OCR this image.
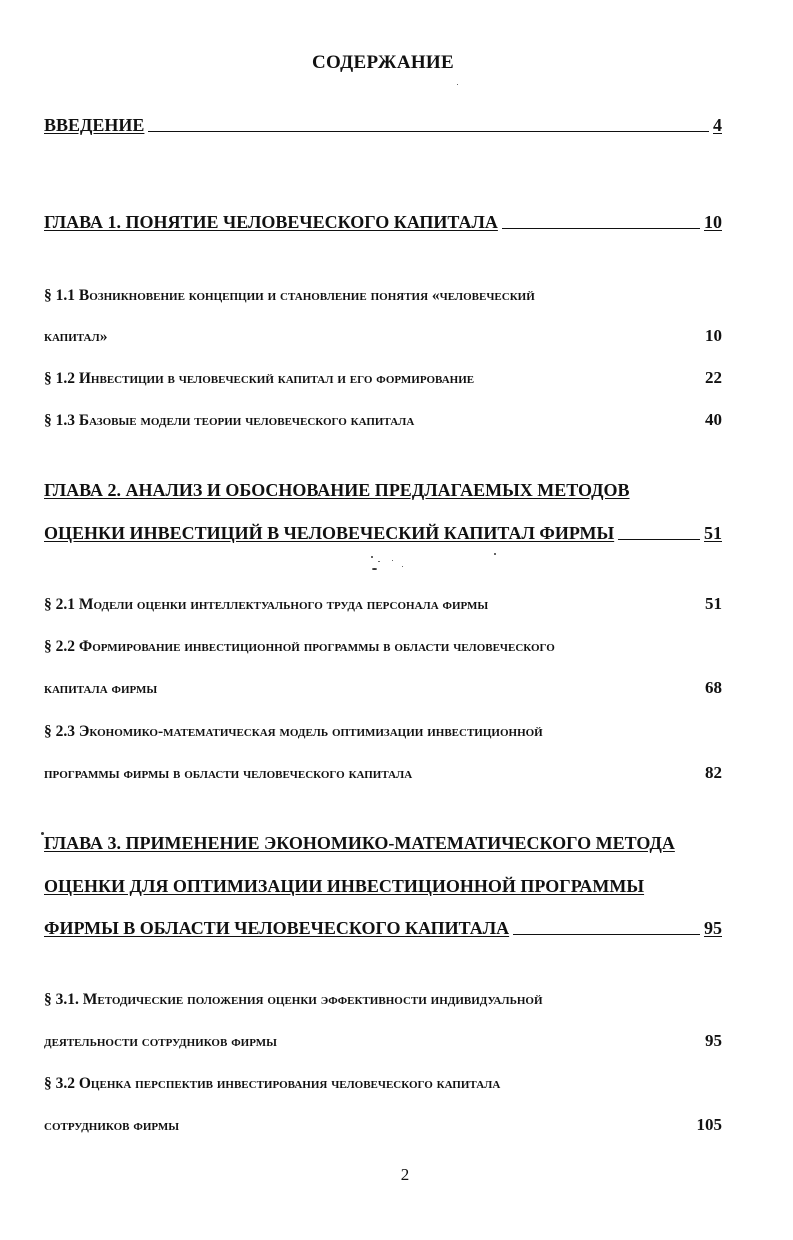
СОДЕРЖАНИЕ
ВВЕДЕНИЕ	4
ГЛАВА 1. ПОНЯТИЕ ЧЕЛОВЕЧЕСКОГО КАПИТАЛА	10
§ 1.1 Возникновение концепции и становление понятия «человеческий
капитал»	10
§ 1.2 Инвестиции в человеческий капитал и его формирование	22
§ 1.3 Базовые модели теории человеческого капитала	40
ГЛАВА 2. АНАЛИЗ И ОБОСНОВАНИЕ ПРЕДЛАГАЕМЫХ МЕТОДОВ
ОЦЕНКИ ИНВЕСТИЦИЙ В ЧЕЛОВЕЧЕСКИЙ КАПИТАЛ ФИРМЫ	51
§ 2.1 Модели оценки интеллектуального труда персонала фирмы	51
§ 2.2 Формирование инвестиционной программы в области человеческого
капитала фирмы	68
§ 2.3 Экономико-математическая модель оптимизации инвестиционной
программы фирмы в области человеческого капитала	82
ГЛАВА 3. ПРИМЕНЕНИЕ ЭКОНОМИКО-МАТЕМАТИЧЕСКОГО МЕТОДА
ОЦЕНКИ ДЛЯ ОПТИМИЗАЦИИ ИНВЕСТИЦИОННОЙ ПРОГРАММЫ
ФИРМЫ В ОБЛАСТИ ЧЕЛОВЕЧЕСКОГО КАПИТАЛА	95
§ 3.1. Методические положения оценки эффективности индивидуальной
деятельности сотрудников фирмы	95
§ 3.2 Оценка перспектив инвестирования человеческого капитала
сотрудников фирмы	105
2
